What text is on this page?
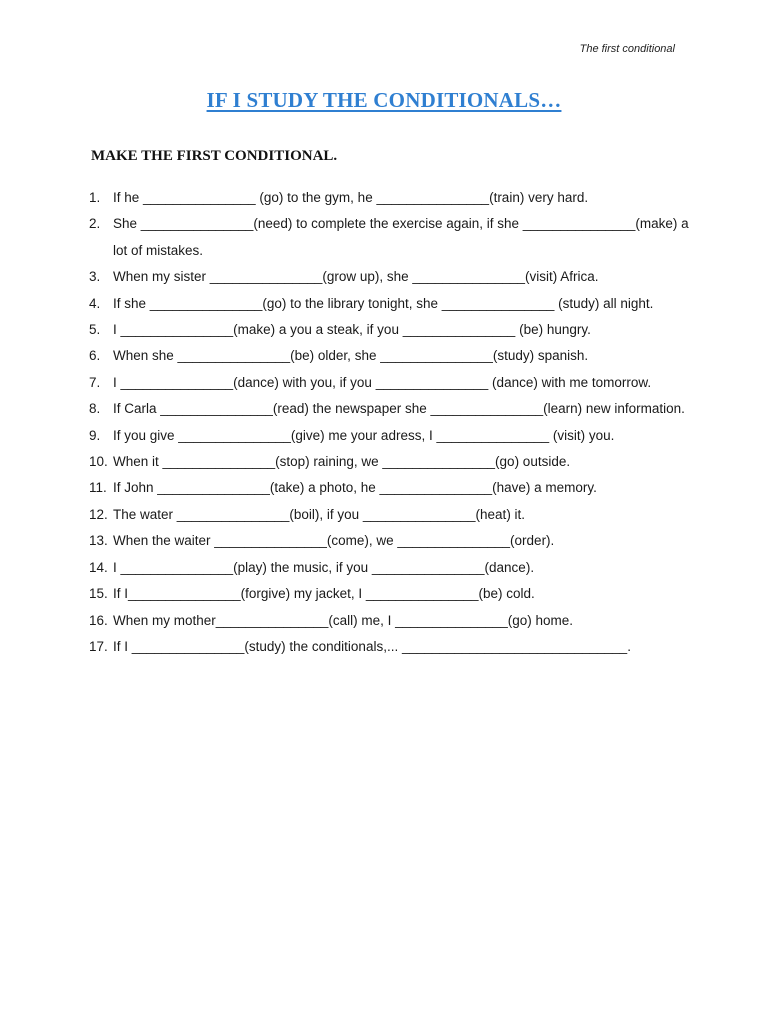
The first conditional
IF I STUDY THE CONDITIONALS…
MAKE THE FIRST CONDITIONAL.
1. If he _______________ (go) to the gym, he _______________(train) very hard.
2. She _______________(need) to complete the exercise again, if she _______________(make) a lot of mistakes.
3. When my sister _______________(grow up), she _______________(visit) Africa.
4. If she _______________(go) to the library tonight, she _______________ (study) all night.
5. I _______________(make) a you a steak, if you _______________ (be) hungry.
6. When she _______________(be) older, she _______________(study) spanish.
7. I _______________(dance) with you, if you _______________ (dance) with me tomorrow.
8. If Carla _______________(read) the newspaper she _______________(learn) new information.
9. If you give _______________(give) me your adress, I _______________ (visit) you.
10. When it _______________(stop) raining, we _______________(go) outside.
11. If John _______________(take) a photo, he _______________(have) a memory.
12. The water _______________(boil), if you _______________(heat) it.
13. When the waiter _______________(come), we _______________(order).
14. I _______________(play) the music, if you _______________(dance).
15. If I_______________(forgive) my jacket, I _______________(be) cold.
16. When my mother_______________(call) me, I _______________(go) home.
17. If I _______________(study) the conditionals,... ______________________________.
